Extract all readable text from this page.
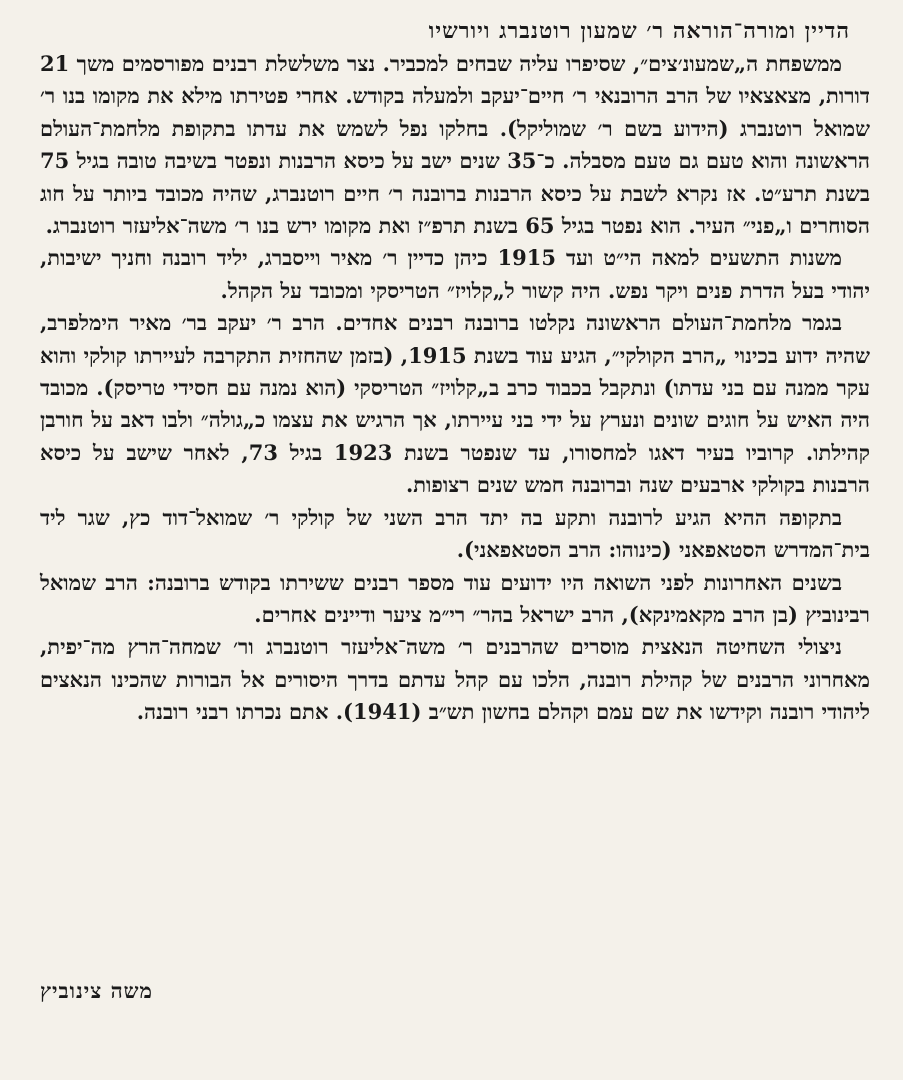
הדיין ומורה־הוראה ר׳ שמעון רוטנברג ויורשיו

ממשפחת ה„שמעונ׳צים״, שסיפרו עליה שבחים למכביר. נצר משלשלת רבנים מפורסמים משך 21 דורות, מצאצאיו של הרב הרובנאי ר׳ חיים־יעקב ולמעלה בקודש. אחרי פטירתו מילא את מקומו בנו ר׳ שמואל רוטנברג (הידוע בשם ר׳ שמוליקל). בחלקו נפל לשמש את עדתו בתקופת מלחמת־העולם הראשונה והוא טעם גם טעם מסבלה. כ־35 שנים ישב על כיסא הרבנות ונפטר בשיבה טובה בגיל 75 בשנת תרע״ט. אז נקרא לשבת על כיסא הרבנות ברובנה ר׳ חיים רוטנברג, שהיה מכובד ביותר על חוג הסוחרים ו„פני״ העיר. הוא נפטר בגיל 65 בשנת תרפ״ז ואת מקומו ירש בנו ר׳ משה־אליעזר רוטנברג.

משנות התשעים למאה הי״ט ועד 1915 כיהן כדיין ר׳ מאיר וייסברג, יליד רובנה וחניך ישיבות, יהודי בעל הדרת פנים ויקר נפש. היה קשור ל„קלויז״ הטריסקי ומכובד על הקהל.

בגמר מלחמת־העולם הראשונה נקלטו ברובנה רבנים אחדים. הרב ר׳ יעקב בר׳ מאיר הימלפרב, שהיה ידוע בכינוי „הרב הקולקי״, הגיע עוד בשנת 1915, (בזמן שהחזית התקרבה לעיירתו קולקי והוא עקר ממנה עם בני עדתו) ונתקבל בכבוד כרב ב„קלויז״ הטריסקי (הוא נמנה עם חסידי טריסק). מכובד היה האיש על חוגים שונים ונערץ על ידי בני עיירתו, אך הרגיש את עצמו כ„גולה״ ולבו דאב על חורבן קהילתו. קרוביו בעיר דאגו למחסורו, עד שנפטר בשנת 1923 בגיל 73, לאחר שישב על כיסא הרבנות בקולקי ארבעים שנה וברובנה חמש שנים רצופות.

בתקופה ההיא הגיע לרובנה ותקע בה יתד הרב השני של קולקי ר׳ שמואל־דוד כץ, שגר ליד בית־המדרש הסטאפאני (כינוהו: הרב הסטאפאני).

בשנים האחרונות לפני השואה היו ידועים עוד מספר רבנים ששירתו בקודש ברובנה: הרב שמואל רבינוביץ (בן הרב מקאמינקא), הרב ישראל בהר״ רי״מ ציער ודיינים אחרים.

ניצולי השחיטה הנאצית מוסרים שהרבנים ר׳ משה־אליעזר רוטנברג ור׳ שמחה־הרץ מה־יפית, מאחרוני הרבנים של קהילת רובנה, הלכו עם קהל עדתם בדרך היסורים אל הבורות שהכינו הנאצים ליהודי רובנה וקידשו את שם עמם וקהלם בחשון תש״ב (1941). אתם נכרתו רבני רובנה.

משה צינוביץ
